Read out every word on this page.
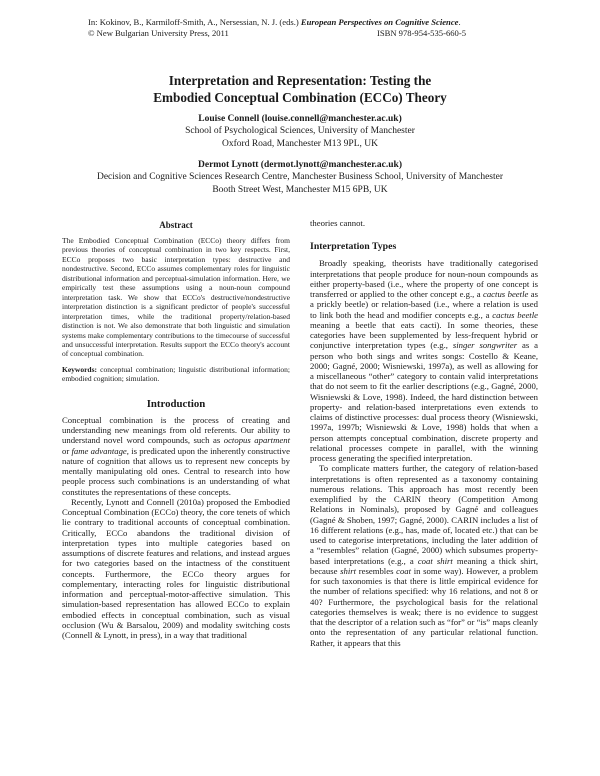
In: Kokinov, B., Karmiloff-Smith, A., Nersessian, N. J. (eds.) European Perspectives on Cognitive Science.
© New Bulgarian University Press, 2011	ISBN 978-954-535-660-5
Interpretation and Representation: Testing the
Embodied Conceptual Combination (ECCo) Theory
Louise Connell (louise.connell@manchester.ac.uk)
School of Psychological Sciences, University of Manchester
Oxford Road, Manchester M13 9PL, UK
Dermot Lynott (dermot.lynott@manchester.ac.uk)
Decision and Cognitive Sciences Research Centre, Manchester Business School, University of Manchester
Booth Street West, Manchester M15 6PB, UK
Abstract

The Embodied Conceptual Combination (ECCo) theory differs from previous theories of conceptual combination in two key respects. First, ECCo proposes two basic interpretation types: destructive and nondestructive. Second, ECCo assumes complementary roles for linguistic distributional information and perceptual-simulation information. Here, we empirically test these assumptions using a noun-noun compound interpretation task. We show that ECCo's destructive/nondestructive interpretation distinction is a significant predictor of people's successful interpretation times, while the traditional property/relation-based distinction is not. We also demonstrate that both linguistic and simulation systems make complementary contributions to the timecourse of successful and unsuccessful interpretation. Results support the ECCo theory's account of conceptual combination.

Keywords: conceptual combination; linguistic distributional information; embodied cognition; simulation.

Introduction

Conceptual combination is the process of creating and understanding new meanings from old referents. Our ability to understand novel word compounds, such as octopus apartment or fame advantage, is predicated upon the inherently constructive nature of cognition that allows us to represent new concepts by mentally manipulating old ones. Central to research into how people process such combinations is an understanding of what constitutes the representations of these concepts.

Recently, Lynott and Connell (2010a) proposed the Embodied Conceptual Combination (ECCo) theory, the core tenets of which lie contrary to traditional accounts of conceptual combination. Critically, ECCo abandons the traditional division of interpretation types into multiple categories based on assumptions of discrete features and relations, and instead argues for two categories based on the intactness of the constituent concepts. Furthermore, the ECCo theory argues for complementary, interacting roles for linguistic distributional information and perceptual-motor-affective simulation. This simulation-based representation has allowed ECCo to explain embodied effects in conceptual combination, such as visual occlusion (Wu & Barsalou, 2009) and modality switching costs (Connell & Lynott, in press), in a way that traditional

theories cannot.

Interpretation Types

Broadly speaking, theorists have traditionally categorised interpretations that people produce for noun-noun compounds as either property-based (i.e., where the property of one concept is transferred or applied to the other concept e.g., a cactus beetle as a prickly beetle) or relation-based (i.e., where a relation is used to link both the head and modifier concepts e.g., a cactus beetle meaning a beetle that eats cacti). In some theories, these categories have been supplemented by less-frequent hybrid or conjunctive interpretation types (e.g., singer songwriter as a person who both sings and writes songs: Costello & Keane, 2000; Gagné, 2000; Wisniewski, 1997a), as well as allowing for a miscellaneous “other” category to contain valid interpretations that do not seem to fit the earlier descriptions (e.g., Gagné, 2000, Wisniewski & Love, 1998). Indeed, the hard distinction between property- and relation-based interpretations even extends to claims of distinctive processes: dual process theory (Wisniewski, 1997a, 1997b; Wisniewski & Love, 1998) holds that when a person attempts conceptual combination, discrete property and relational processes compete in parallel, with the winning process generating the specified interpretation.

To complicate matters further, the category of relation-based interpretations is often represented as a taxonomy containing numerous relations. This approach has most recently been exemplified by the CARIN theory (Competition Among Relations in Nominals), proposed by Gagné and colleagues (Gagné & Shoben, 1997; Gagné, 2000). CARIN includes a list of 16 different relations (e.g., has, made of, located etc.) that can be used to categorise interpretations, including the later addition of a “resembles” relation (Gagné, 2000) which subsumes property-based interpretations (e.g., a coat shirt meaning a thick shirt, because shirt resembles coat in some way). However, a problem for such taxonomies is that there is little empirical evidence for the number of relations specified: why 16 relations, and not 8 or 40? Furthermore, the psychological basis for the relational categories themselves is weak; there is no evidence to suggest that the descriptor of a relation such as “for” or “is” maps cleanly onto the representation of any particular relational function. Rather, it appears that this
